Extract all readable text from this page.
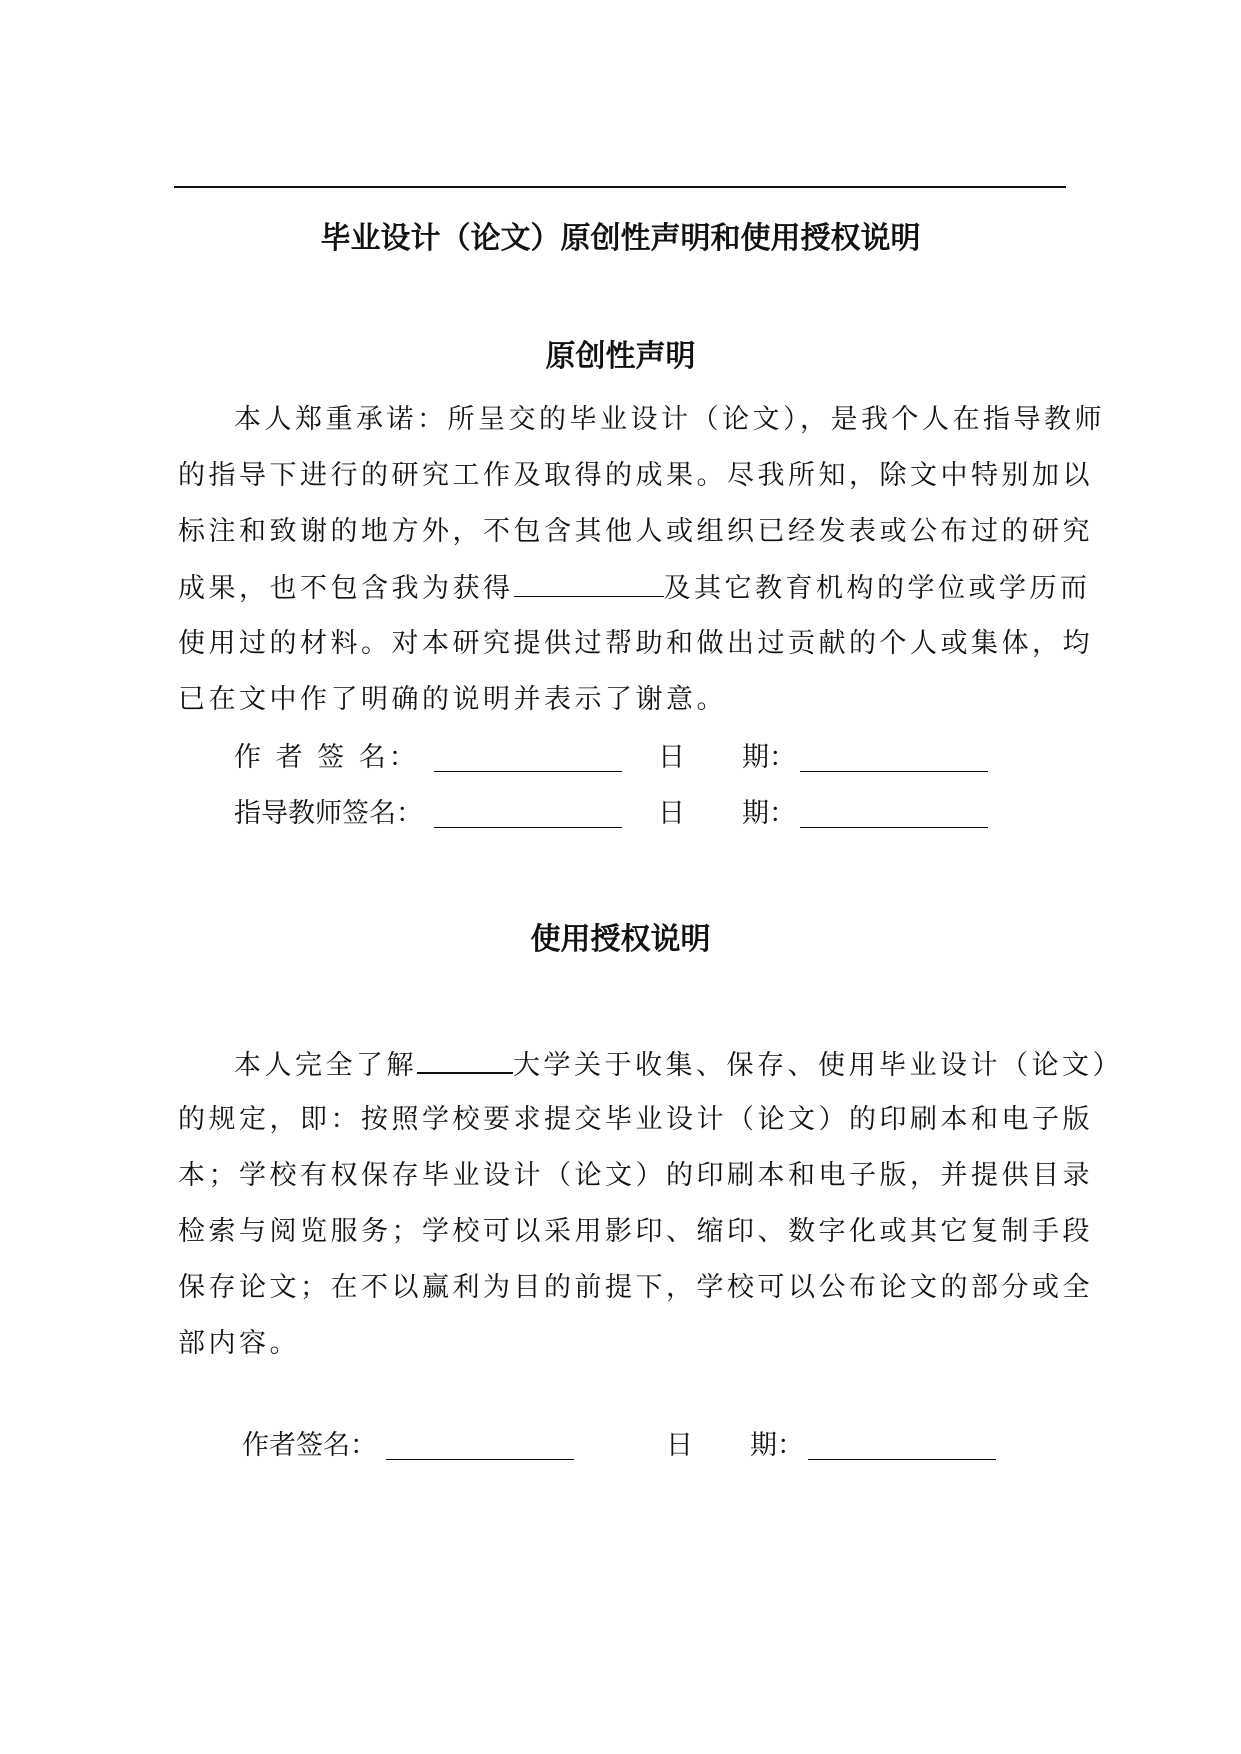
毕业设计（论文）原创性声明和使用授权说明
原创性声明
本人郑重承诺：所呈交的毕业设计（论文），是我个人在指导教师
的指导下进行的研究工作及取得的成果。尽我所知，除文中特别加以
标注和致谢的地方外，不包含其他人或组织已经发表或公布过的研究
成果，也不包含我为获得	及其它教育机构的学位或学历而
使用过的材料。对本研究提供过帮助和做出过贡献的个人或集体，均
已在文中作了明确的说明并表示了谢意。
作 者 签 名：	日 期：
指导教师签名：	日 期：
使用授权说明
本人完全了解	大学关于收集、保存、使用毕业设计（论文）
的规定，即：按照学校要求提交毕业设计（论文）的印刷本和电子版
本；学校有权保存毕业设计（论文）的印刷本和电子版，并提供目录
检索与阅览服务；学校可以采用影印、缩印、数字化或其它复制手段
保存论文；在不以赢利为目的前提下，学校可以公布论文的部分或全
部内容。
作者签名：	日 期：
